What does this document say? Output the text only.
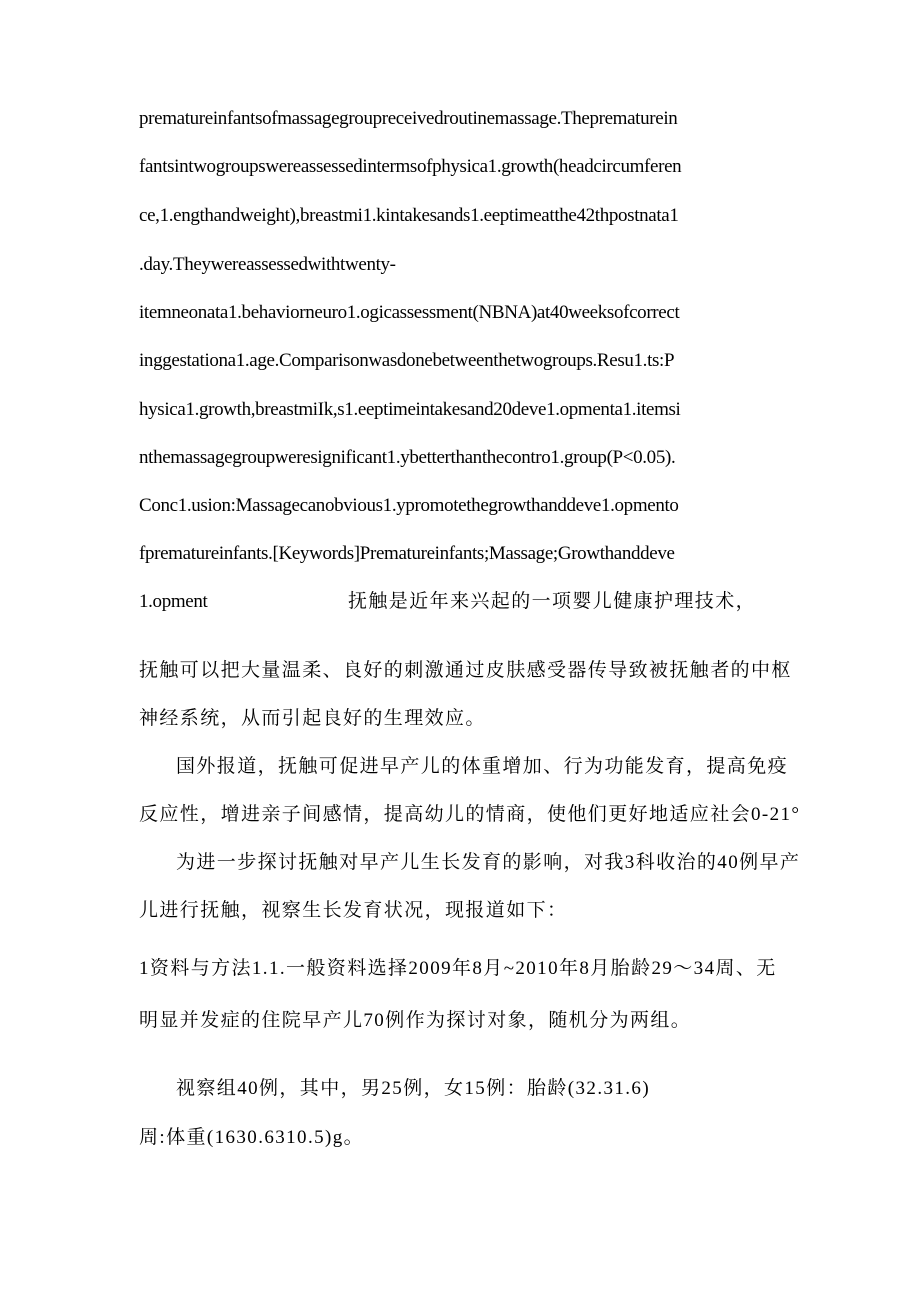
prematureinfantsofmassagegroupreceivedroutinemassage.Theprematurein
fantsintwogroupswereassessedintermsofphysica1.growth(headcircumferen
ce,1.engthandweight),breastmi1.kintakesands1.eeptimeatthe42thpostnata1
.day.Theywereassessedwithtwenty-
itemneonata1.behaviorneuro1.ogicassessment(NBNA)at40weeksofcorrect
inggestationa1.age.Comparisonwasdonebetweenthetwogroups.Resu1.ts:P
hysica1.growth,breastmiIk,s1.eeptimeintakesand20deve1.opmenta1.itemsi
nthemassagegroupweresignificant1.ybetterthanthecontro1.group(P<0.05).
Conc1.usion:Massagecanobvious1.ypromotethegrowthanddeve1.opmento
fprematureinfants.[Keywords]Prematureinfants;Massage;Growthanddeve
1.opment	抚触是近年来兴起的一项婴儿健康护理技术，
抚触可以把大量温柔、良好的刺激通过皮肤感受器传导致被抚触者的中枢
神经系统，从而引起良好的生理效应。
国外报道，抚触可促进早产儿的体重增加、行为功能发育，提高免疫
反应性，增进亲子间感情，提高幼儿的情商，使他们更好地适应社会0-21°
为进一步探讨抚触对早产儿生长发育的影响，对我3科收治的40例早产
儿进行抚触，视察生长发育状况，现报道如下：
1资料与方法1.1.一般资料选择2009年8月~2010年8月胎龄29～34周、无
明显并发症的住院早产儿70例作为探讨对象，随机分为两组。
视察组40例，其中，男25例，女15例：胎龄(32.31.6)
周:体重(1630.6310.5)g。
